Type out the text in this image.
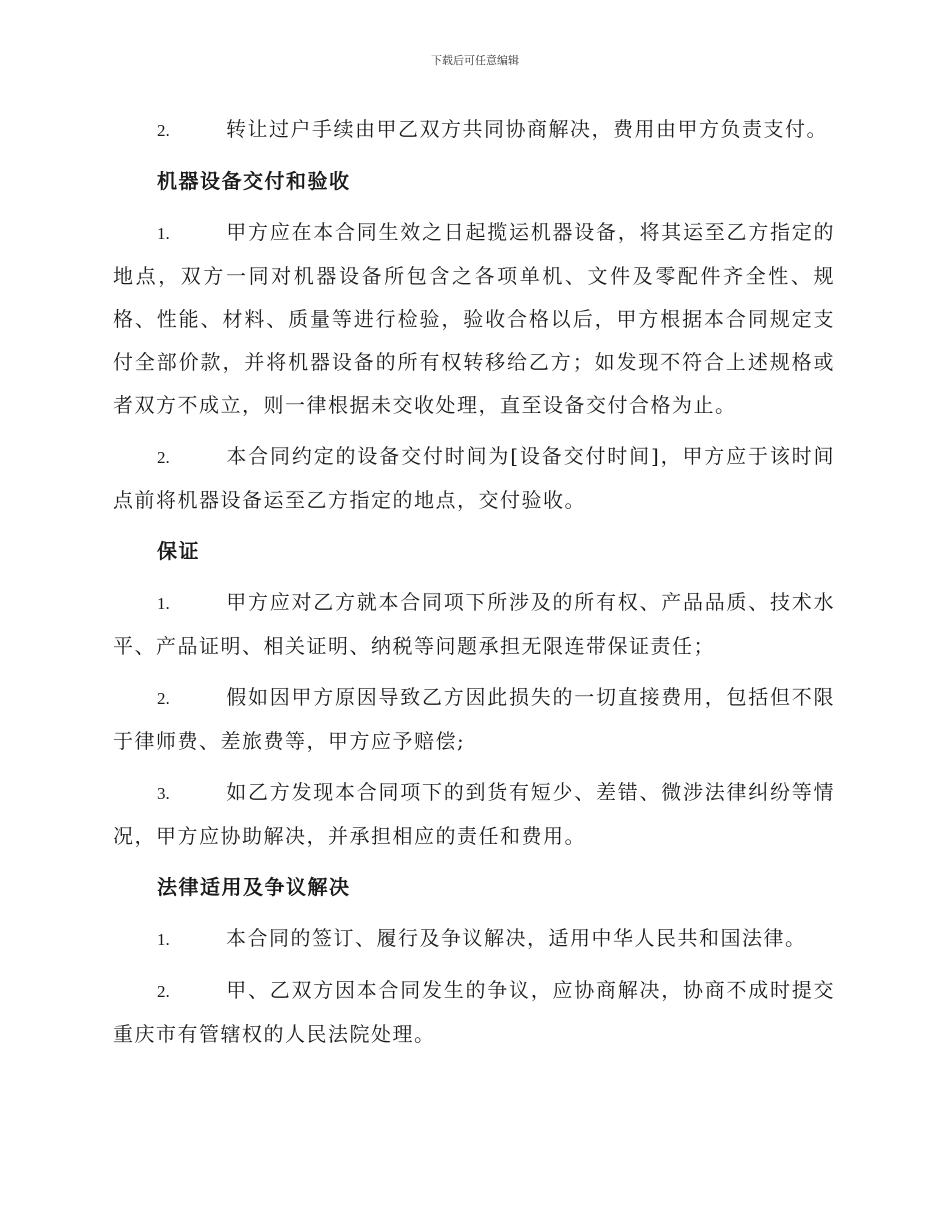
下载后可任意编辑

2.	转让过户手续由甲乙双方共同协商解决，费用由甲方负责支付。

机器设备交付和验收

1.	甲方应在本合同生效之日起揽运机器设备，将其运至乙方指定的地点，双方一同对机器设备所包含之各项单机、文件及零配件齐全性、规格、性能、材料、质量等进行检验，验收合格以后，甲方根据本合同规定支付全部价款，并将机器设备的所有权转移给乙方；如发现不符合上述规格或者双方不成立，则一律根据未交收处理，直至设备交付合格为止。

2.	本合同约定的设备交付时间为[设备交付时间]，甲方应于该时间点前将机器设备运至乙方指定的地点，交付验收。

保证

1.	甲方应对乙方就本合同项下所涉及的所有权、产品品质、技术水平、产品证明、相关证明、纳税等问题承担无限连带保证责任；

2.	假如因甲方原因导致乙方因此损失的一切直接费用，包括但不限于律师费、差旅费等，甲方应予赔偿;

3.	如乙方发现本合同项下的到货有短少、差错、微涉法律纠纷等情况，甲方应协助解决，并承担相应的责任和费用。

法律适用及争议解决

1.	本合同的签订、履行及争议解决，适用中华人民共和国法律。

2.	甲、乙双方因本合同发生的争议，应协商解决，协商不成时提交重庆市有管辖权的人民法院处理。
